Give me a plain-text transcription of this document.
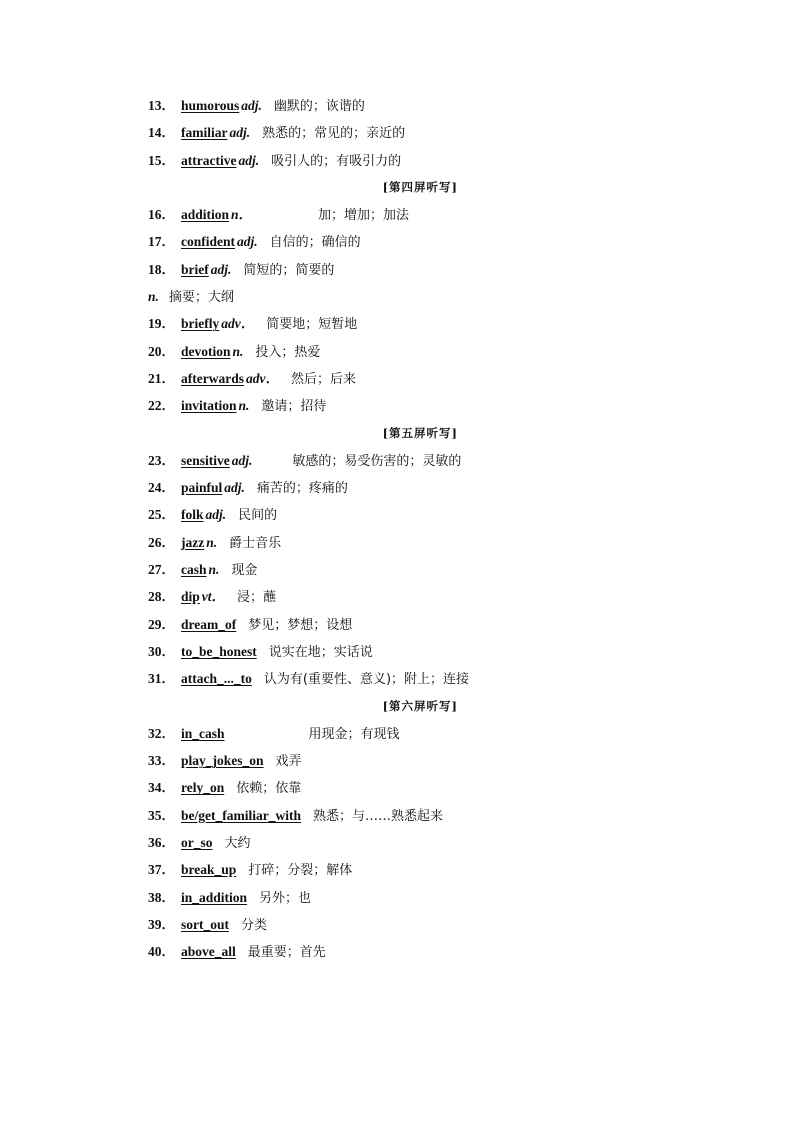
13． humorous adj. 幽默的；诙谐的
14． familiar adj. 熟悉的；常见的；亲近的
15． attractive adj. 吸引人的；有吸引力的
[第四屏听写]
16． addition n．	加；增加；加法
17． confident adj. 自信的；确信的
18． brief adj. 简短的；简要的
n. 摘要；大纲
19． briefly adv． 简要地；短暂地
20． devotion n. 投入；热爱
21． afterwards adv． 然后；后来
22． invitation n. 邀请；招待
[第五屏听写]
23． sensitive adj.	敏感的；易受伤害的；灵敏的
24． painful adj. 痛苦的；疼痛的
25． folk adj. 民间的
26． jazz n. 爵士音乐
27． cash n. 现金
28． dip vt． 浸；蘸
29． dream_of 梦见；梦想；设想
30． to_be_honest 说实在地；实话说
31． attach_..._to 认为有(重要性、意义)；附上；连接
[第六屏听写]
32． in_cash	用现金；有现钱
33． play_jokes_on 戏弄
34． rely_on 依赖；依靠
35． be/get_familiar_with 熟悉；与……熟悉起来
36． or_so 大约
37． break_up 打碎；分裂；解体
38． in_addition 另外；也
39． sort_out 分类
40． above_all 最重要；首先
